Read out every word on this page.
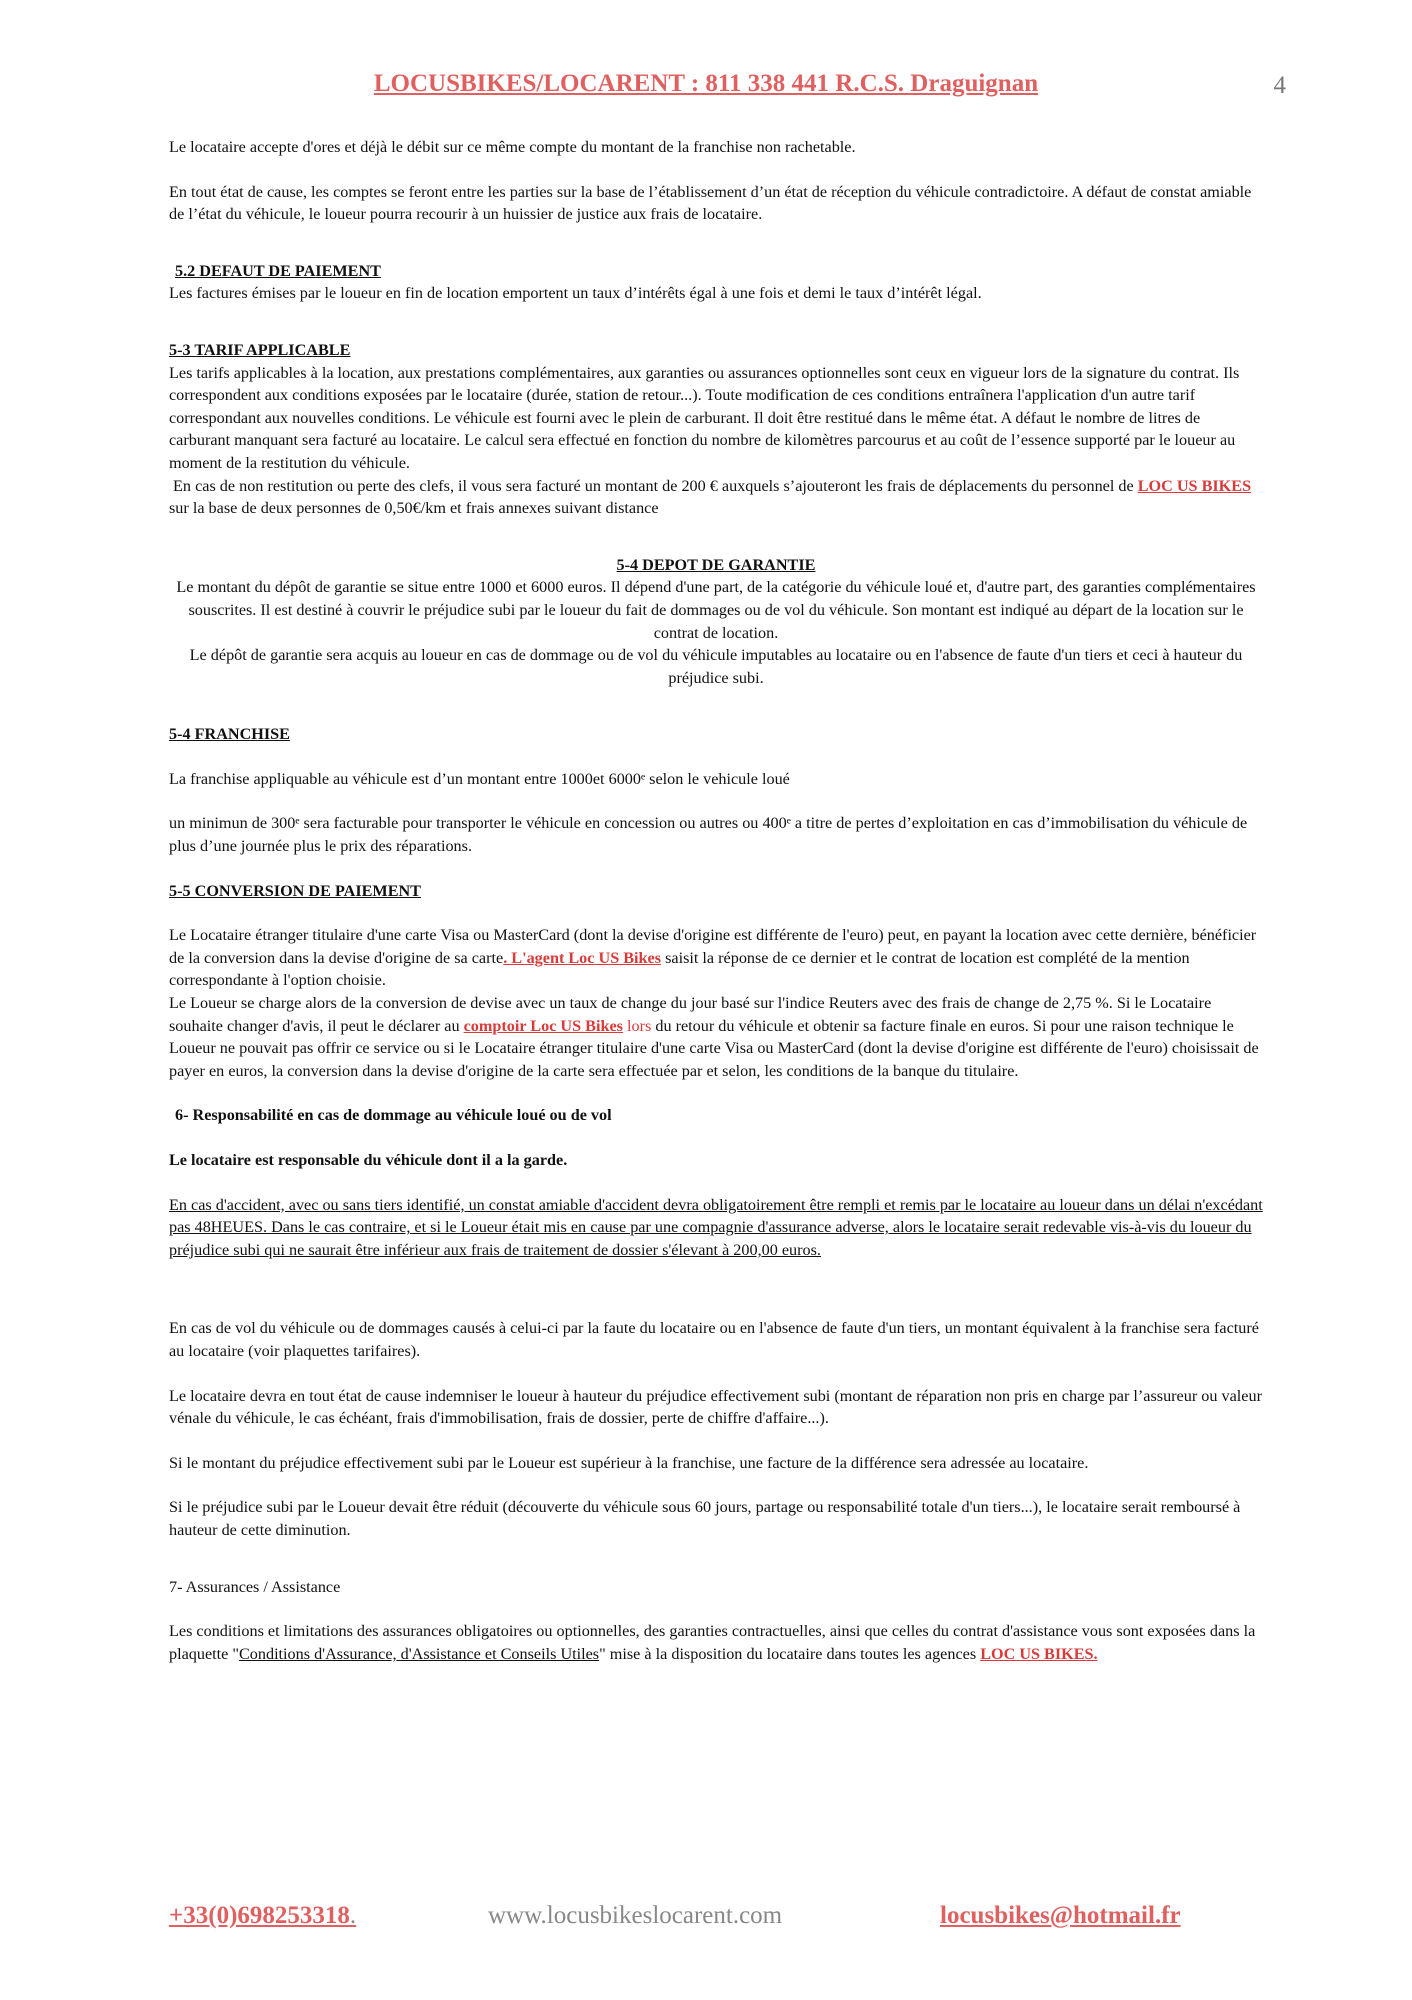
LOCUSBIKES/LOCARENT : 811 338 441 R.C.S. Draguignan	4

Le locataire accepte d'ores et déjà le débit sur ce même compte du montant de la franchise non rachetable.

En tout état de cause, les comptes se feront entre les parties sur la base de l’établissement d’un état de réception du véhicule contradictoire. A défaut de constat amiable de l’état du véhicule, le loueur pourra recourir à un huissier de justice aux frais de locataire.

5.2 DEFAUT DE PAIEMENT

Les factures émises par le loueur en fin de location emportent un taux d’intérêts égal à une fois et demi le taux d’intérêt légal.

5-3 TARIF APPLICABLE

Les tarifs applicables à la location, aux prestations complémentaires, aux garanties ou assurances optionnelles sont ceux en vigueur lors de la signature du contrat. Ils correspondent aux conditions exposées par le locataire (durée, station de retour...). Toute modification de ces conditions entraînera l'application d'un autre tarif correspondant aux nouvelles conditions. Le véhicule est fourni avec le plein de carburant. Il doit être restitué dans le même état. A défaut le nombre de litres de carburant manquant sera facturé au locataire. Le calcul sera effectué en fonction du nombre de kilomètres parcourus et au coût de l’essence supporté par le loueur au moment de la restitution du véhicule.

En cas de non restitution ou perte des clefs, il vous sera facturé un montant de 200 € auxquels s’ajouteront les frais de déplacements du personnel de LOC US BIKES sur la base de deux personnes de 0,50€/km et frais annexes suivant distance

5-4 DEPOT DE GARANTIE

Le montant du dépôt de garantie se situe entre 1000 et 6000 euros. Il dépend d'une part, de la catégorie du véhicule loué et, d'autre part, des garanties complémentaires souscrites. Il est destiné à couvrir le préjudice subi par le loueur du fait de dommages ou de vol du véhicule. Son montant est indiqué au départ de la location sur le contrat de location.

Le dépôt de garantie sera acquis au loueur en cas de dommage ou de vol du véhicule imputables au locataire ou en l'absence de faute d'un tiers et ceci à hauteur du préjudice subi.

5-4 FRANCHISE

La franchise appliquable au véhicule est d’un montant entre 1000et 6000ᵉ selon le vehicule loué

un minimun de 300ᵉ sera facturable pour transporter le véhicule en concession ou autres ou 400ᵉ a titre de pertes d’exploitation en cas d’immobilisation du véhicule de plus d’une journée plus le prix des réparations.

5-5 CONVERSION DE PAIEMENT

Le Locataire étranger titulaire d'une carte Visa ou MasterCard (dont la devise d'origine est différente de l'euro) peut, en payant la location avec cette dernière, bénéficier de la conversion dans la devise d'origine de sa carte. L'agent Loc US Bikes saisit la réponse de ce dernier et le contrat de location est complété de la mention correspondante à l'option choisie.

Le Loueur se charge alors de la conversion de devise avec un taux de change du jour basé sur l'indice Reuters avec des frais de change de 2,75 %. Si le Locataire souhaite changer d'avis, il peut le déclarer au comptoir Loc US Bikes lors du retour du véhicule et obtenir sa facture finale en euros. Si pour une raison technique le Loueur ne pouvait pas offrir ce service ou si le Locataire étranger titulaire d'une carte Visa ou MasterCard (dont la devise d'origine est différente de l'euro) choisissait de payer en euros, la conversion dans la devise d'origine de la carte sera effectuée par et selon, les conditions de la banque du titulaire.

6- Responsabilité en cas de dommage au véhicule loué ou de vol

Le locataire est responsable du véhicule dont il a la garde.

En cas d'accident, avec ou sans tiers identifié, un constat amiable d'accident devra obligatoirement être rempli et remis par le locataire au loueur dans un délai n'excédant pas 48HEUES. Dans le cas contraire, et si le Loueur était mis en cause par une compagnie d'assurance adverse, alors le locataire serait redevable vis-à-vis du loueur du préjudice subi qui ne saurait être inférieur aux frais de traitement de dossier s'élevant à 200,00 euros.

En cas de vol du véhicule ou de dommages causés à celui-ci par la faute du locataire ou en l'absence de faute d'un tiers, un montant équivalent à la franchise sera facturé au locataire (voir plaquettes tarifaires).

Le locataire devra en tout état de cause indemniser le loueur à hauteur du préjudice effectivement subi (montant de réparation non pris en charge par l’assureur ou valeur vénale du véhicule, le cas échéant, frais d'immobilisation, frais de dossier, perte de chiffre d'affaire...).

Si le montant du préjudice effectivement subi par le Loueur est supérieur à la franchise, une facture de la différence sera adressée au locataire.

Si le préjudice subi par le Loueur devait être réduit (découverte du véhicule sous 60 jours, partage ou responsabilité totale d'un tiers...), le locataire serait remboursé à hauteur de cette diminution.

7- Assurances / Assistance

Les conditions et limitations des assurances obligatoires ou optionnelles, des garanties contractuelles, ainsi que celles du contrat d'assistance vous sont exposées dans la plaquette "Conditions d'Assurance, d'Assistance et Conseils Utiles" mise à la disposition du locataire dans toutes les agences LOC US BIKES.

+33(0)698253318.	www.locusbikeslocarent.com	locusbikes@hotmail.fr
